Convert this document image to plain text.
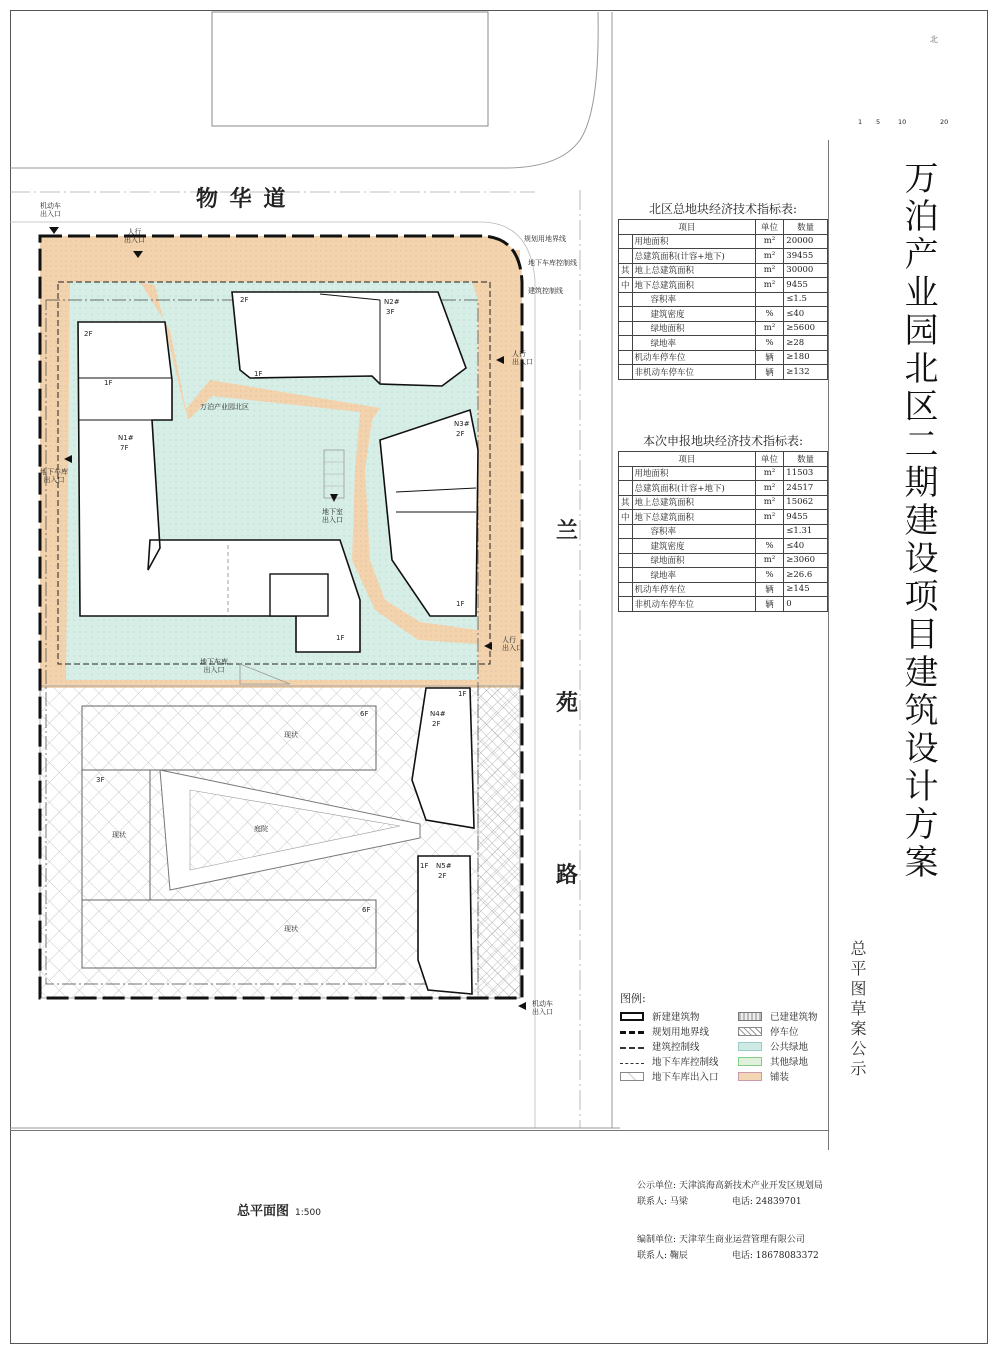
物 华 道
兰
苑
路
机动车
出入口
人行
出入口
人行
出入口
人行
出入口
地下车库
出入口
地下车库
出入口
地下室
出入口
机动车
出入口
规划用地界线
地下车库控制线
建筑控制线
万泊产业园北区
庭院
现状
现状
现状
2F	N2#
3F
1F
2F
1F
N1#
7F
1F
N3#
2F
1F
1F
N4#
2F
1F N5#
2F
6F
3F
6F
北
1 5	10	20
万泊产业园北区二期建设项目建筑设计方案
总平图草案公示
北区总地块经济技术指标表:
项目		单位	数量
	用地面积	m²	20000
	总建筑面积(计容+地下)	m²	39455
其	地上总建筑面积	m²	30000
中	地下总建筑面积	m²	9455
	容积率		≤1.5
	建筑密度	%	≤40
	绿地面积	m²	≥5600
	绿地率	%	≥28
	机动车停车位	辆	≥180
	非机动车停车位	辆	≥132
本次申报地块经济技术指标表:
项目		单位	数量
	用地面积	m²	11503
	总建筑面积(计容+地下)	m²	24517
其	地上总建筑面积	m²	15062
中	地下总建筑面积	m²	9455
	容积率		≤1.31
	建筑密度	%	≤40
	绿地面积	m²	≥3060
	绿地率	%	≥26.6
	机动车停车位	辆	≥145
	非机动车停车位	辆	0
图例:
新建建筑物	已建建筑物
规划用地界线	停车位
建筑控制线	公共绿地
地下车库控制线	其他绿地
地下车库出入口	铺装
总平面图 1:500
公示单位: 天津滨海高新技术产业开发区规划局
联系人: 马梁	电话: 24839701
编制单位: 天津苹生商业运营管理有限公司
联系人: 鞠辰	电话: 18678083372
